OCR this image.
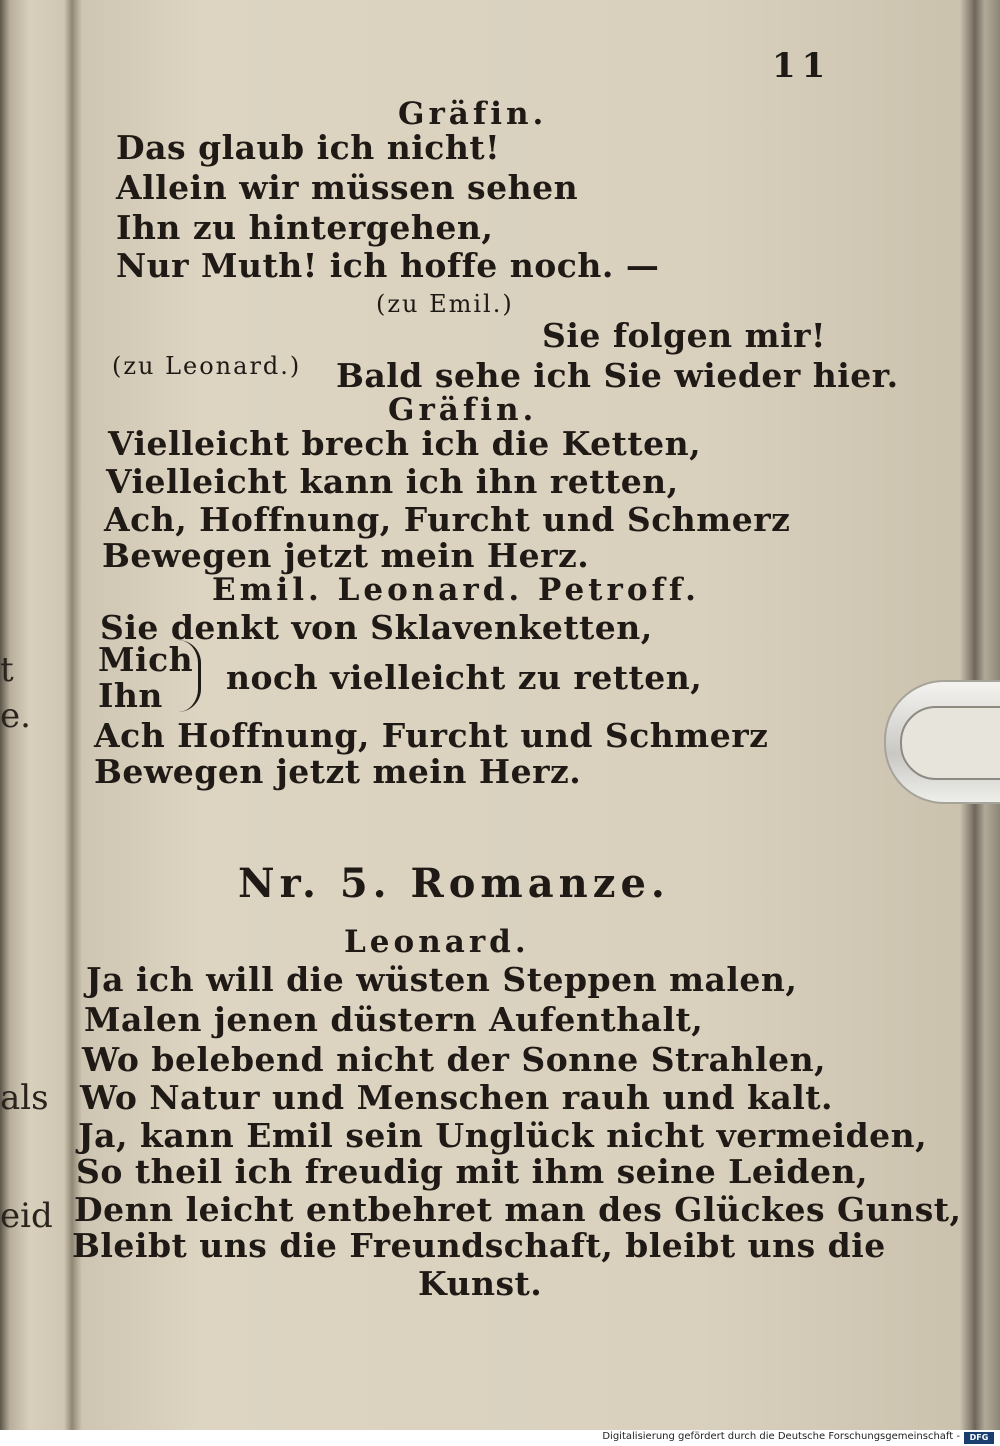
t
e.
als
eid
11
Gräfin.
Das glaub ich nicht!
Allein wir müssen sehen
Ihn zu hintergehen,
Nur Muth! ich hoffe noch. —
(zu Emil.)
Sie folgen mir!
(zu Leonard.) Bald sehe ich Sie wieder hier.
Gräfin.
Vielleicht brech ich die Ketten,
Vielleicht kann ich ihn retten,
Ach, Hoffnung, Furcht und Schmerz
Bewegen jetzt mein Herz.
Emil. Leonard. Petroff.
Sie denkt von Sklavenketten,
Mich
Ihn noch vielleicht zu retten,
Ach Hoffnung, Furcht und Schmerz
Bewegen jetzt mein Herz.
Nr. 5. Romanze.
Leonard.
Ja ich will die wüsten Steppen malen,
Malen jenen düstern Aufenthalt,
Wo belebend nicht der Sonne Strahlen,
Wo Natur und Menschen rauh und kalt.
Ja, kann Emil sein Unglück nicht vermeiden,
So theil ich freudig mit ihm seine Leiden,
Denn leicht entbehret man des Glückes Gunst,
Bleibt uns die Freundschaft, bleibt uns die
Kunst.
Digitalisierung gefördert durch die Deutsche Forschungsgemeinschaft -	DFG
